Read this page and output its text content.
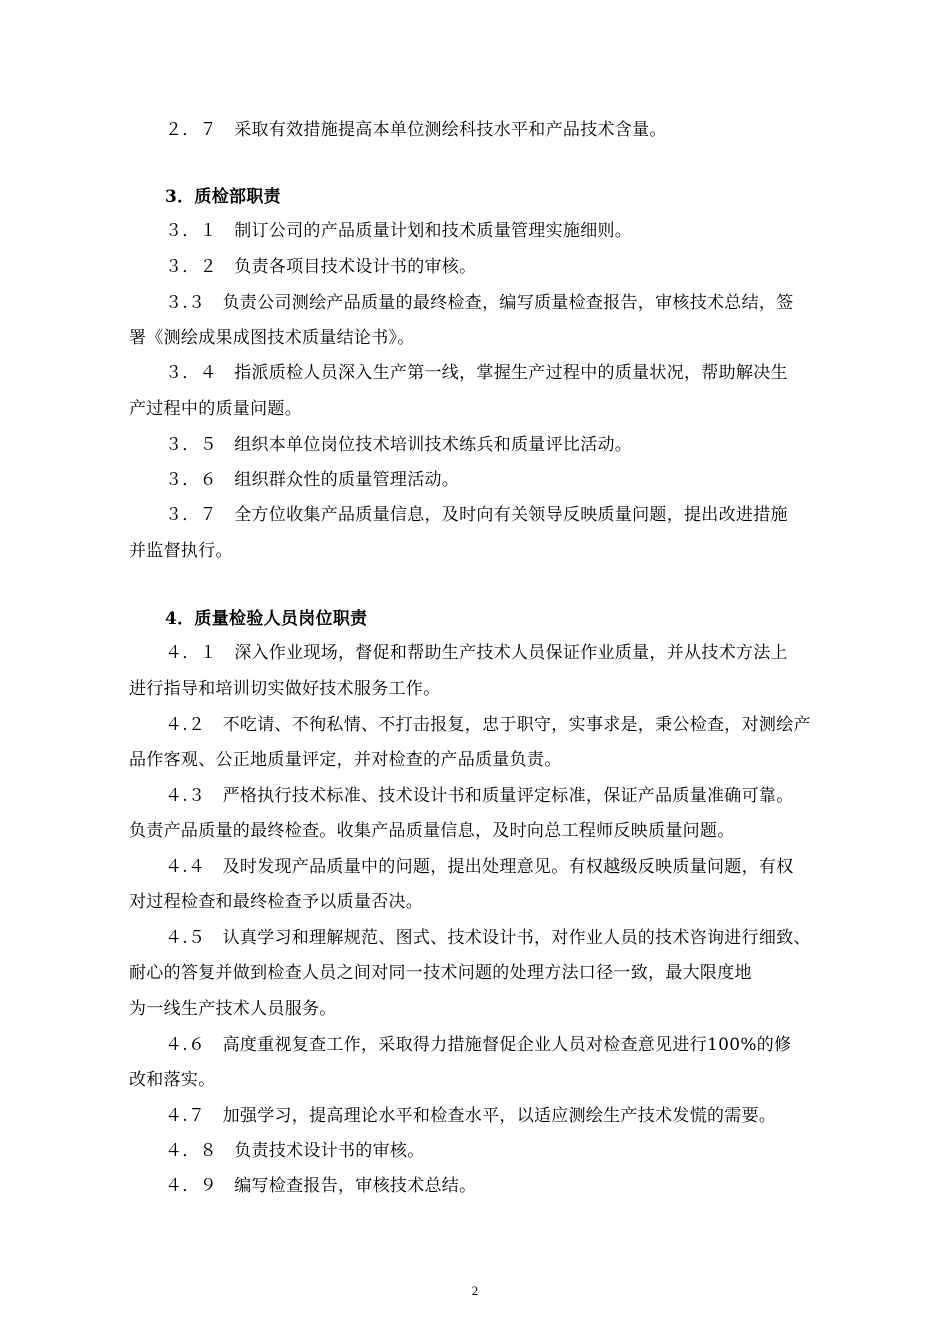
2
２．７　采取有效措施提高本单位测绘科技水平和产品技术含量。
3．质检部职责
３．１　制订公司的产品质量计划和技术质量管理实施细则。
３．２　负责各项目技术设计书的审核。
３.３　负责公司测绘产品质量的最终检查，编写质量检查报告，审核技术总结，签
署《测绘成果成图技术质量结论书》。
３．４　指派质检人员深入生产第一线，掌握生产过程中的质量状况，帮助解决生
产过程中的质量问题。
３．５　组织本单位岗位技术培训技术练兵和质量评比活动。
３．６　组织群众性的质量管理活动。
３．７　全方位收集产品质量信息，及时向有关领导反映质量问题，提出改进措施
并监督执行。
4．质量检验人员岗位职责
４．１　深入作业现场，督促和帮助生产技术人员保证作业质量，并从技术方法上
进行指导和培训切实做好技术服务工作。
４.２　不吃请、不徇私情、不打击报复，忠于职守，实事求是，秉公检查，对测绘产
品作客观、公正地质量评定，并对检查的产品质量负责。
４.３　严格执行技术标准、技术设计书和质量评定标准，保证产品质量准确可靠。
负责产品质量的最终检查。收集产品质量信息，及时向总工程师反映质量问题。
４.４　及时发现产品质量中的问题，提出处理意见。有权越级反映质量问题，有权
对过程检查和最终检查予以质量否决。
４.５　认真学习和理解规范、图式、技术设计书，对作业人员的技术咨询进行细致、
耐心的答复并做到检查人员之间对同一技术问题的处理方法口径一致，最大限度地
为一线生产技术人员服务。
４.６　高度重视复查工作，采取得力措施督促企业人员对检查意见进行100%的修
改和落实。
４.７　加强学习，提高理论水平和检查水平，以适应测绘生产技术发慌的需要。
４．８　负责技术设计书的审核。
４．９　编写检查报告，审核技术总结。
